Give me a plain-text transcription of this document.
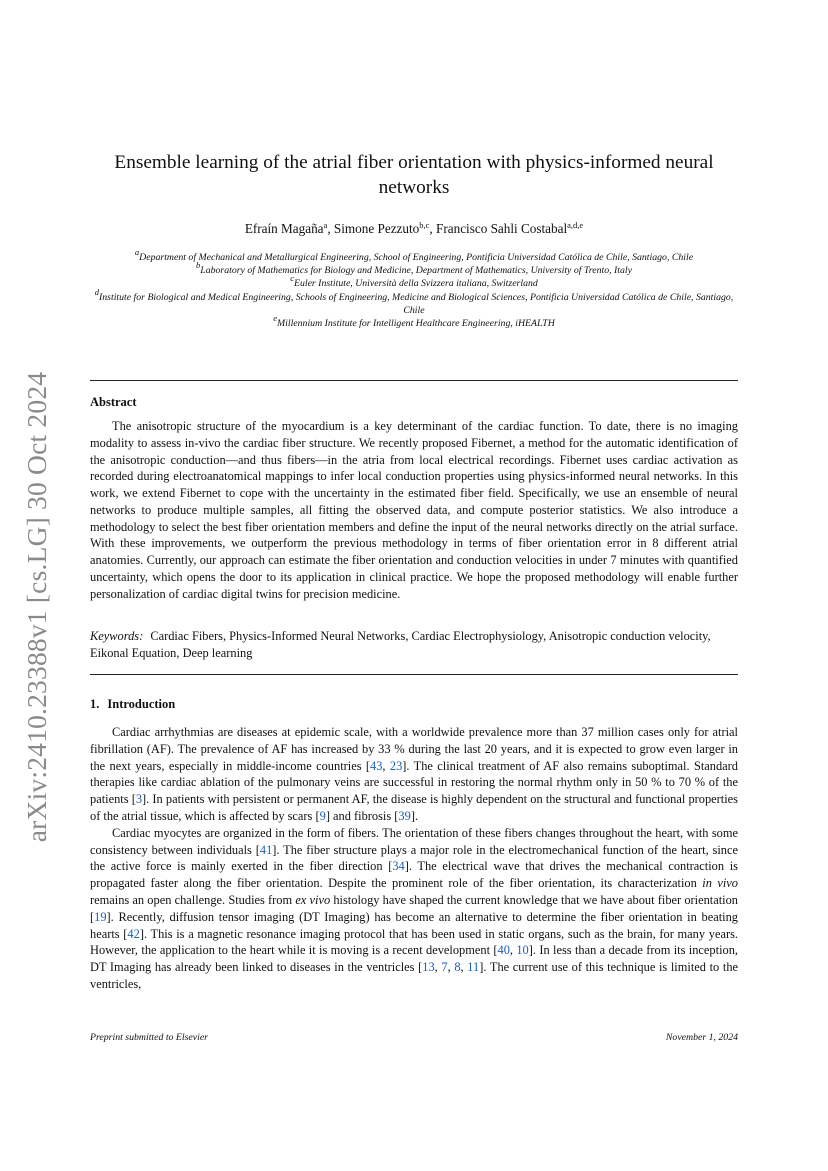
arXiv:2410.23388v1 [cs.LG] 30 Oct 2024
Ensemble learning of the atrial fiber orientation with physics-informed neural networks
Efraín Magaña$^a$, Simone Pezzuto$^{b,c}$, Francisco Sahli Costabal$^{a,d,e}$
$^a$Department of Mechanical and Metallurgical Engineering, School of Engineering, Pontificia Universidad Católica de Chile, Santiago, Chile
$^b$Laboratory of Mathematics for Biology and Medicine, Department of Mathematics, University of Trento, Italy
$^c$Euler Institute, Università della Svizzera italiana, Switzerland
$^d$Institute for Biological and Medical Engineering, Schools of Engineering, Medicine and Biological Sciences, Pontificia Universidad Católica de Chile, Santiago, Chile
$^e$Millennium Institute for Intelligent Healthcare Engineering, iHEALTH
Abstract

The anisotropic structure of the myocardium is a key determinant of the cardiac function. To date, there is no imaging modality to assess in-vivo the cardiac fiber structure. We recently proposed Fibernet, a method for the automatic identification of the anisotropic conduction—and thus fibers—in the atria from local electrical recordings. Fibernet uses cardiac activation as recorded during electroanatomical mappings to infer local conduction properties using physics-informed neural networks. In this work, we extend Fibernet to cope with the uncertainty in the estimated fiber field. Specifically, we use an ensemble of neural networks to produce multiple samples, all fitting the observed data, and compute posterior statistics. We also introduce a methodology to select the best fiber orientation members and define the input of the neural networks directly on the atrial surface. With these improvements, we outperform the previous methodology in terms of fiber orientation error in 8 different atrial anatomies. Currently, our approach can estimate the fiber orientation and conduction velocities in under 7 minutes with quantified uncertainty, which opens the door to its application in clinical practice. We hope the proposed methodology will enable further personalization of cardiac digital twins for precision medicine.

Keywords: Cardiac Fibers, Physics-Informed Neural Networks, Cardiac Electrophysiology, Anisotropic conduction velocity, Eikonal Equation, Deep learning

1. Introduction

Cardiac arrhythmias are diseases at epidemic scale, with a worldwide prevalence more than 37 million cases only for atrial fibrillation (AF). The prevalence of AF has increased by 33 % during the last 20 years, and it is expected to grow even larger in the next years, especially in middle-income countries [43, 23]. The clinical treatment of AF also remains suboptimal. Standard therapies like cardiac ablation of the pulmonary veins are successful in restoring the normal rhythm only in 50 % to 70 % of the patients [3]. In patients with persistent or permanent AF, the disease is highly dependent on the structural and functional properties of the atrial tissue, which is affected by scars [9] and fibrosis [39].

Cardiac myocytes are organized in the form of fibers. The orientation of these fibers changes throughout the heart, with some consistency between individuals [41]. The fiber structure plays a major role in the electromechanical function of the heart, since the active force is mainly exerted in the fiber direction [34]. The electrical wave that drives the mechanical contraction is propagated faster along the fiber orientation. Despite the prominent role of the fiber orientation, its characterization in vivo remains an open challenge. Studies from ex vivo histology have shaped the current knowledge that we have about fiber orientation [19]. Recently, diffusion tensor imaging (DT Imaging) has become an alternative to determine the fiber orientation in beating hearts [42]. This is a magnetic resonance imaging protocol that has been used in static organs, such as the brain, for many years. However, the application to the heart while it is moving is a recent development [40, 10]. In less than a decade from its inception, DT Imaging has already been linked to diseases in the ventricles [13, 7, 8, 11]. The current use of this technique is limited to the ventricles,

Preprint submitted to Elsevier	November 1, 2024
